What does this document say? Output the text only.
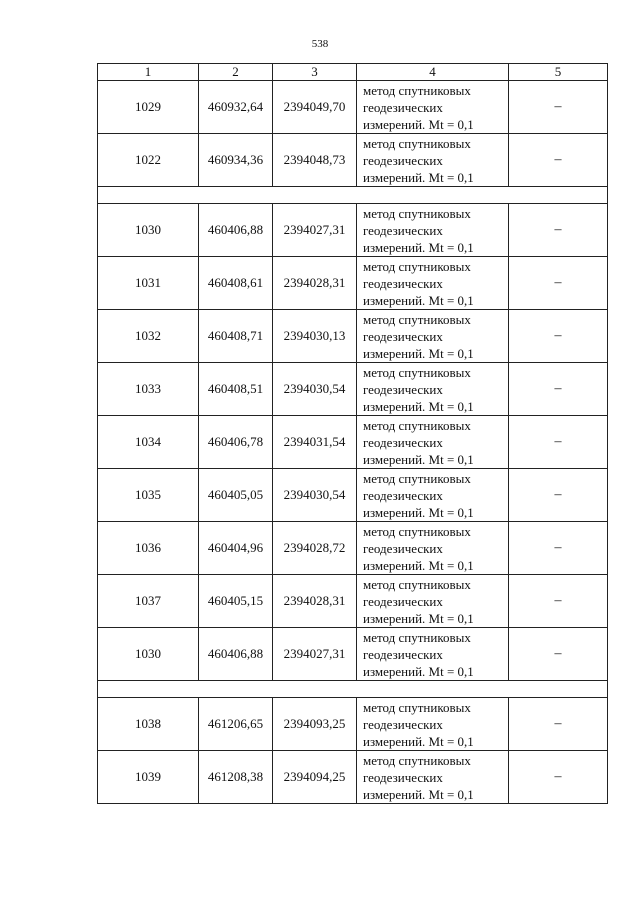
538
1	2	3	4	5
1029	460932,64	2394049,70	метод спутниковых
геодезических
измерений. Mt = 0,1	–
1022	460934,36	2394048,73	метод спутниковых
геодезических
измерений. Mt = 0,1	–

1030	460406,88	2394027,31	метод спутниковых
геодезических
измерений. Mt = 0,1	–
1031	460408,61	2394028,31	метод спутниковых
геодезических
измерений. Mt = 0,1	–
1032	460408,71	2394030,13	метод спутниковых
геодезических
измерений. Mt = 0,1	–
1033	460408,51	2394030,54	метод спутниковых
геодезических
измерений. Mt = 0,1	–
1034	460406,78	2394031,54	метод спутниковых
геодезических
измерений. Mt = 0,1	–
1035	460405,05	2394030,54	метод спутниковых
геодезических
измерений. Mt = 0,1	–
1036	460404,96	2394028,72	метод спутниковых
геодезических
измерений. Mt = 0,1	–
1037	460405,15	2394028,31	метод спутниковых
геодезических
измерений. Mt = 0,1	–
1030	460406,88	2394027,31	метод спутниковых
геодезических
измерений. Mt = 0,1	–

1038	461206,65	2394093,25	метод спутниковых
геодезических
измерений. Mt = 0,1	–
1039	461208,38	2394094,25	метод спутниковых
геодезических
измерений. Mt = 0,1	–
